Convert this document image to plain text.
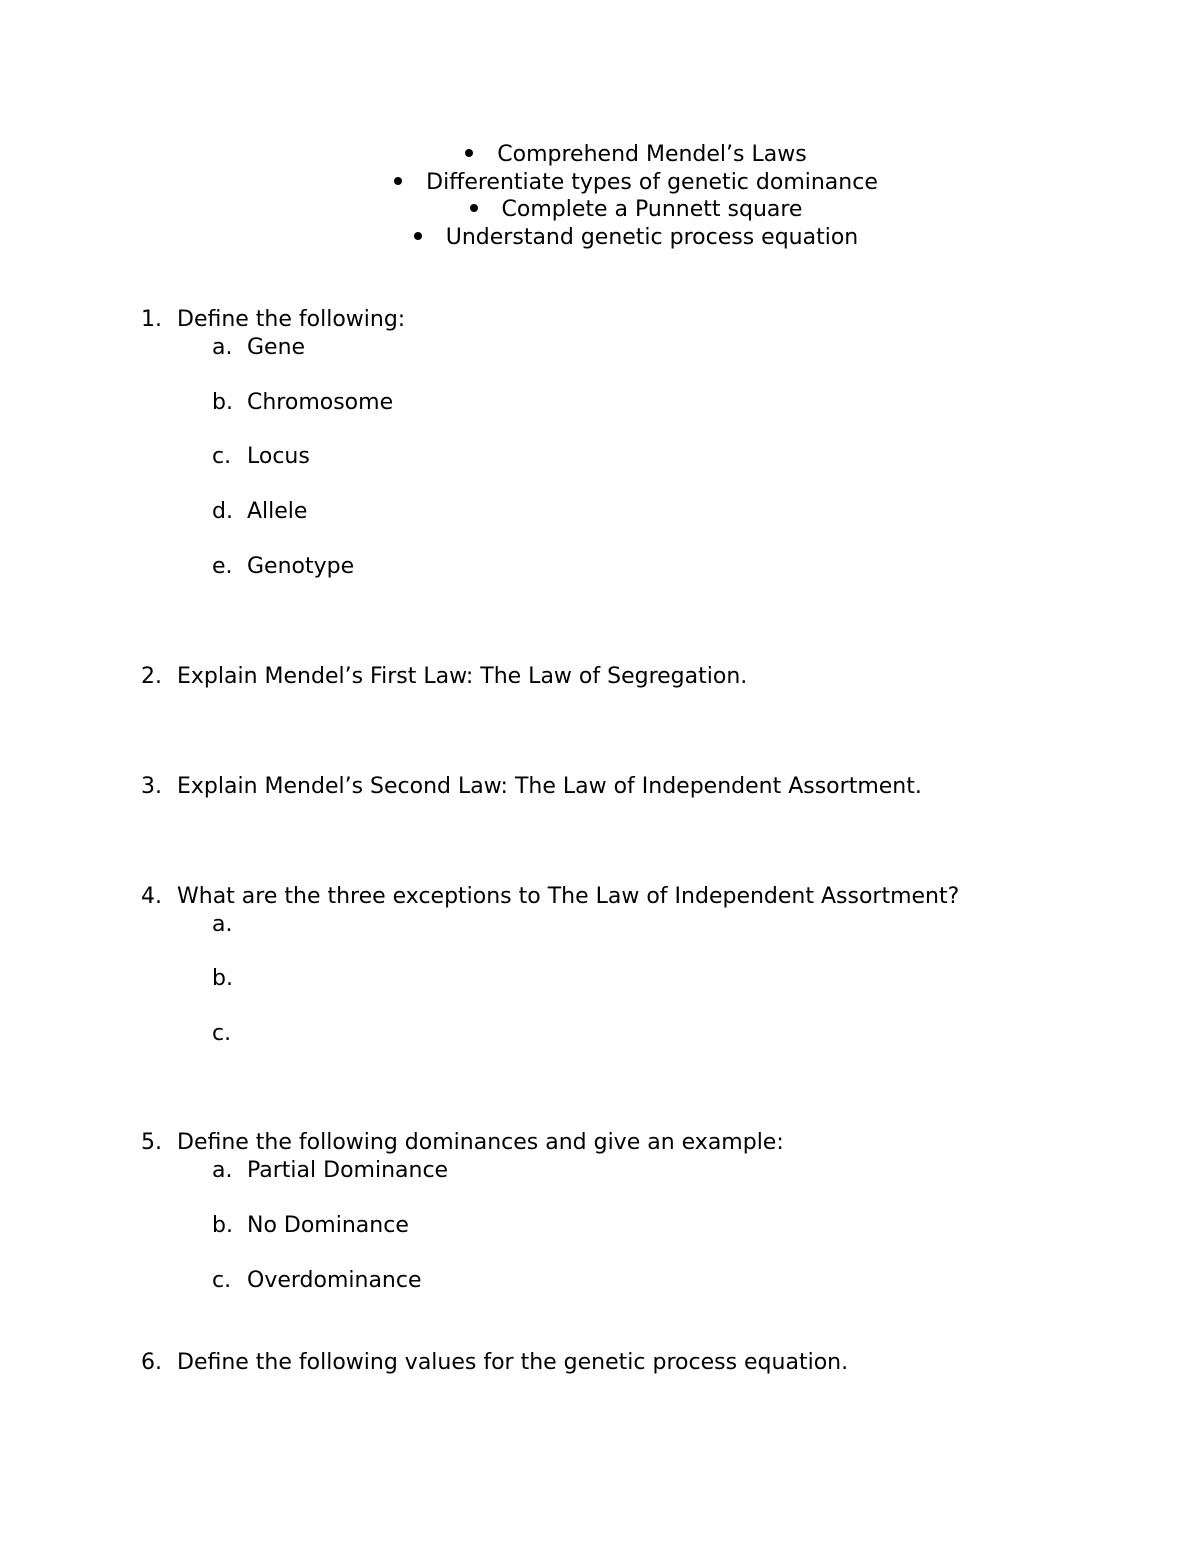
Comprehend Mendel’s Laws
Differentiate types of genetic dominance
Complete a Punnett square
Understand genetic process equation
1. Define the following:
a. Gene
b. Chromosome
c. Locus
d. Allele
e. Genotype
2. Explain Mendel’s First Law: The Law of Segregation.
3. Explain Mendel’s Second Law: The Law of Independent Assortment.
4. What are the three exceptions to The Law of Independent Assortment?
a.
b.
c.
5. Define the following dominances and give an example:
a. Partial Dominance
b. No Dominance
c. Overdominance
6. Define the following values for the genetic process equation.
